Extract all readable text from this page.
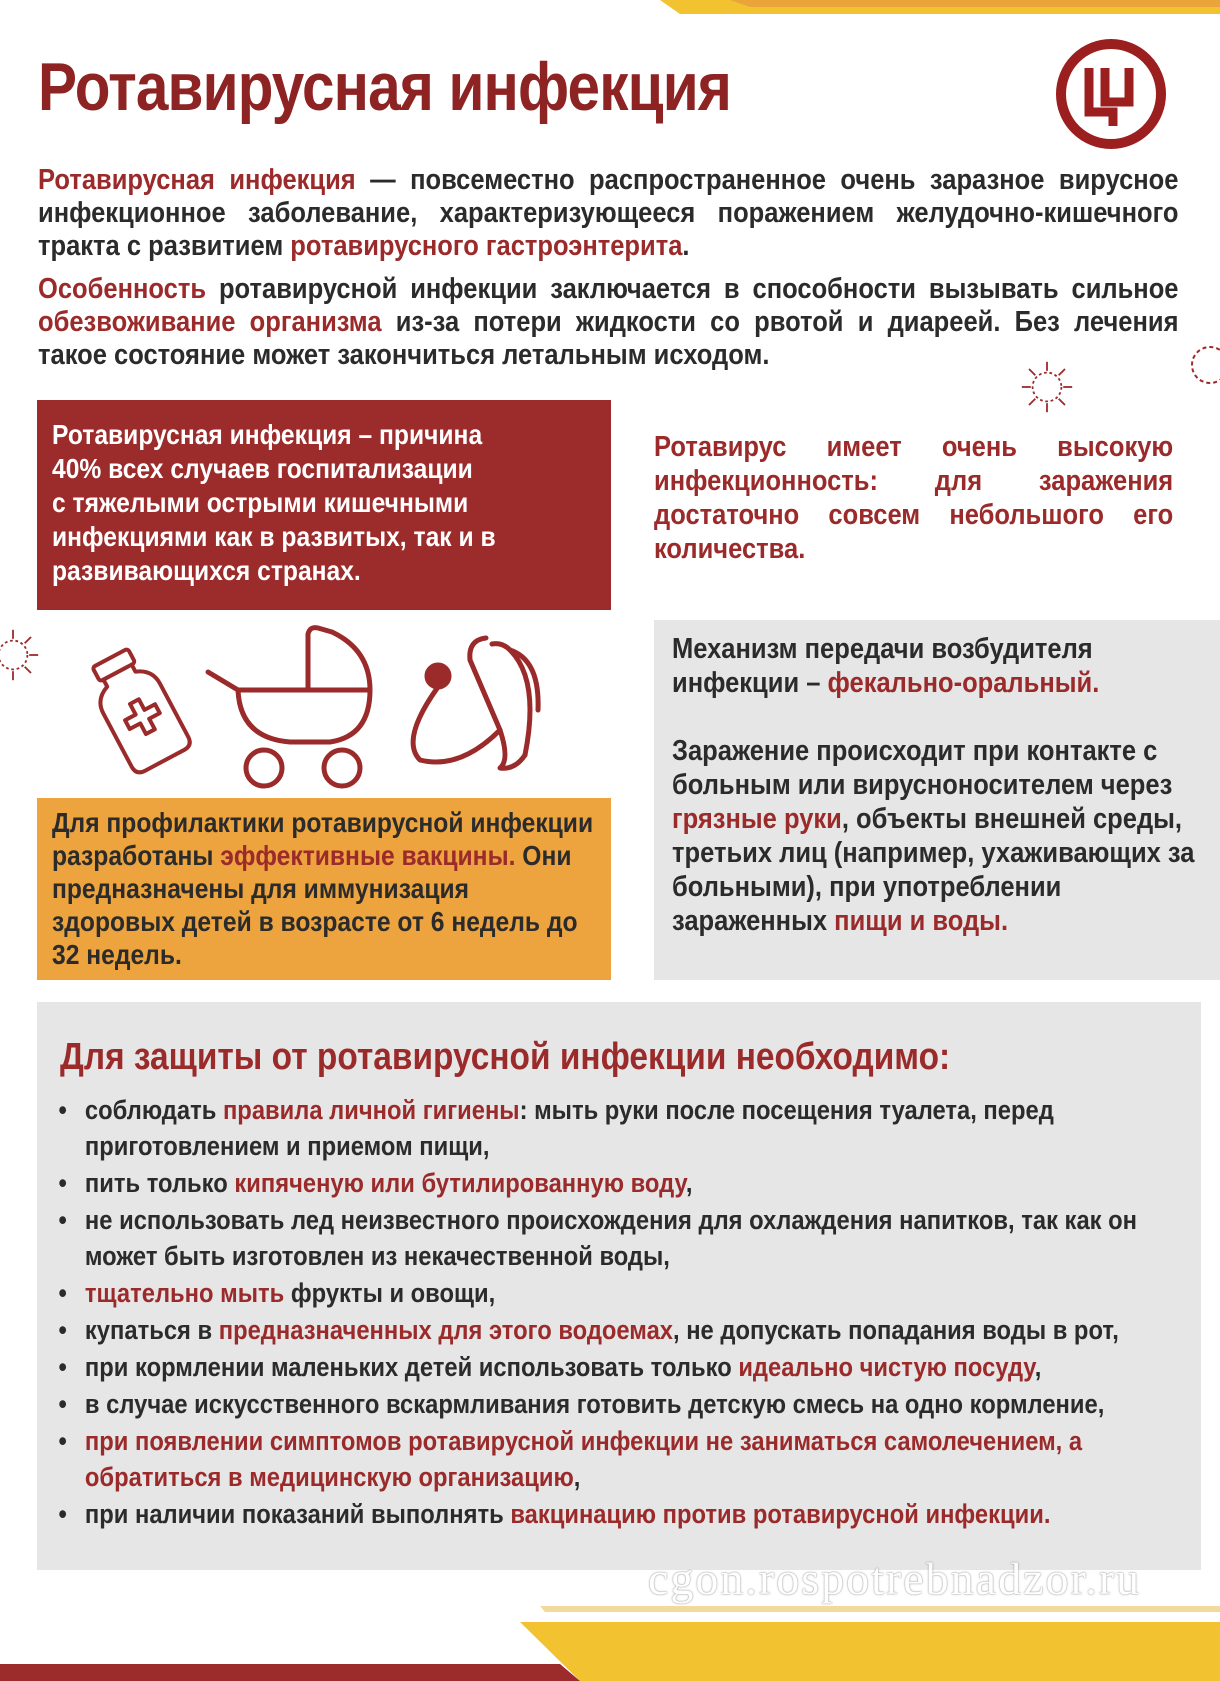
Ротавирусная инфекция
Ротавирусная инфекция — повсеместно распространенное очень заразное вирусное инфекционное заболевание, характеризующееся поражением желудочно-кишечного тракта с развитием ротавирусного гастроэнтерита.
Особенность ротавирусной инфекции заключается в способности вызывать сильное обезвоживание организма из-за потери жидкости со рвотой и диареей. Без лечения такое состояние может закончиться летальным исходом.
Ротавирусная инфекция – причина
40% всех случаев госпитализации
с тяжелыми острыми кишечными
инфекциями как в развитых, так и в
развивающихся странах.
Ротавирус имеет очень высокую инфекционность: для заражения достаточно совсем небольшого его количества.
Механизм передачи возбудителя инфекции – фекально-оральный.
Заражение происходит при контакте с больным или вирусноносителем через грязные руки, объекты внешней среды, третьих лиц (например, ухаживающих за больными), при употреблении зараженных пищи и воды.
Для профилактики ротавирусной инфекции разработаны эффективные вакцины. Они предназначены для иммунизация здоровых детей в возрасте от 6 недель до 32 недель.
Для защиты от ротавирусной инфекции необходимо:
• соблюдать правила личной гигиены: мыть руки после посещения туалета, перед приготовлением и приемом пищи,
• пить только кипяченую или бутилированную воду,
• не использовать лед неизвестного происхождения для охлаждения напитков, так как он может быть изготовлен из некачественной воды,
• тщательно мыть фрукты и овощи,
• купаться в предназначенных для этого водоемах, не допускать попадания воды в рот,
• при кормлении маленьких детей использовать только идеально чистую посуду,
• в случае искусственного вскармливания готовить детскую смесь на одно кормление,
• при появлении симптомов ротавирусной инфекции не заниматься самолечением, а обратиться в медицинскую организацию,
• при наличии показаний выполнять вакцинацию против ротавирусной инфекции.
cgon.rospotrebnadzor.ru
